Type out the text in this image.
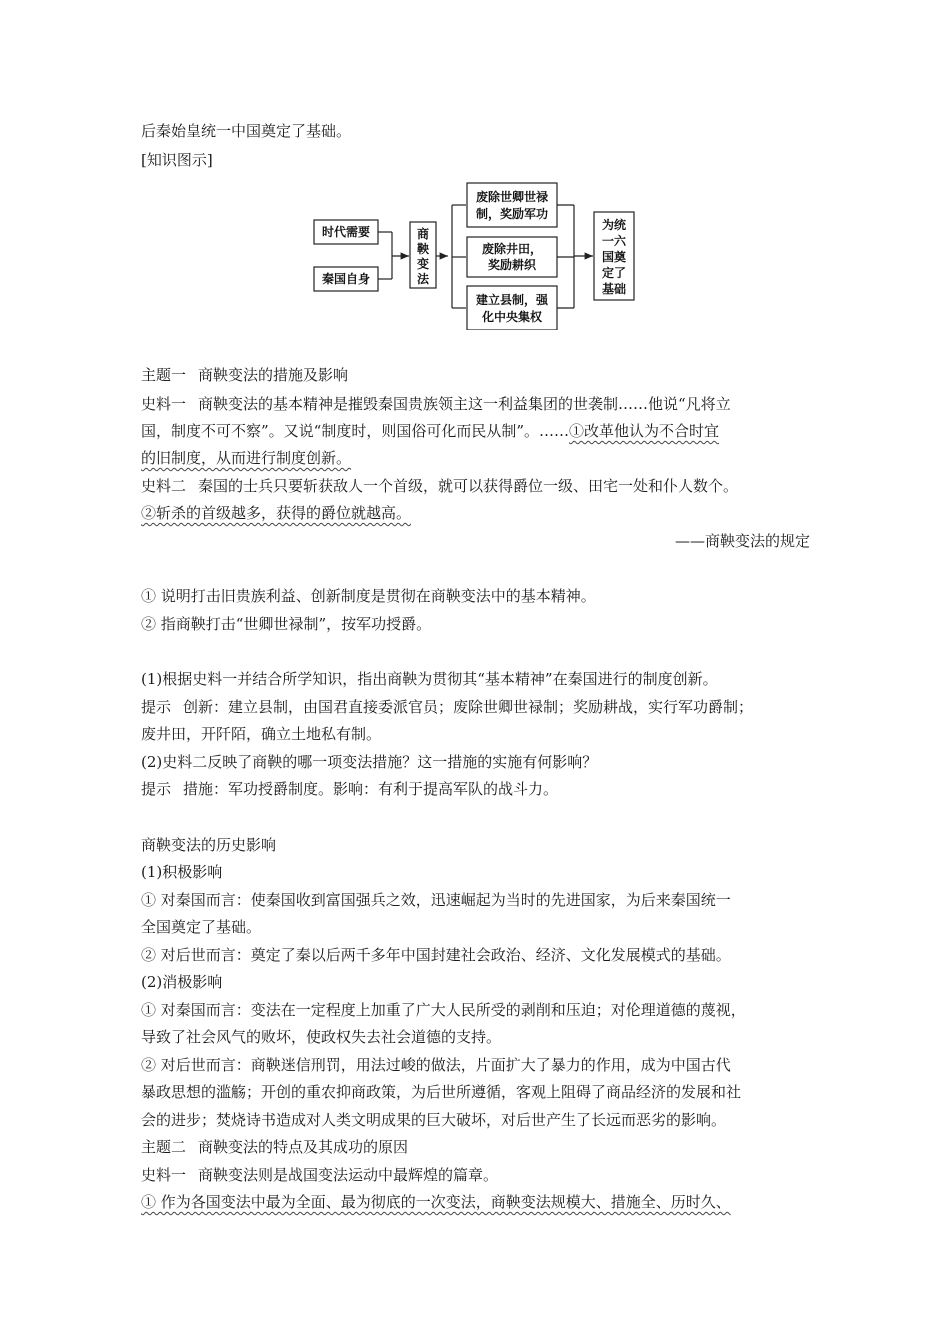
后秦始皇统一中国奠定了基础。
[知识图示]
时代需要
秦国自身
商
鞅
变
法
废除世卿世禄
制，奖励军功
废除井田，
奖励耕织
建立县制，强
化中央集权
为统
一六
国奠
定了
基础
主题一 商鞅变法的措施及影响
史料一 商鞅变法的基本精神是摧毁秦国贵族领主这一利益集团的世袭制……他说“凡将立
国，制度不可不察”。又说“制度时，则国俗可化而民从制”。……①改革他认为不合时宜
的旧制度，从而进行制度创新。
史料二 秦国的士兵只要斩获敌人一个首级，就可以获得爵位一级、田宅一处和仆人数个。
②斩杀的首级越多，获得的爵位就越高。
——商鞅变法的规定
① 说明打击旧贵族利益、创新制度是贯彻在商鞅变法中的基本精神。
② 指商鞅打击“世卿世禄制”，按军功授爵。
(1)根据史料一并结合所学知识，指出商鞅为贯彻其“基本精神”在秦国进行的制度创新。
提示 创新：建立县制，由国君直接委派官员；废除世卿世禄制；奖励耕战，实行军功爵制；
废井田，开阡陌，确立土地私有制。
(2)史料二反映了商鞅的哪一项变法措施？这一措施的实施有何影响？
提示 措施：军功授爵制度。影响：有利于提高军队的战斗力。
商鞅变法的历史影响
(1)积极影响
① 对秦国而言：使秦国收到富国强兵之效，迅速崛起为当时的先进国家，为后来秦国统一
全国奠定了基础。
② 对后世而言：奠定了秦以后两千多年中国封建社会政治、经济、文化发展模式的基础。
(2)消极影响
① 对秦国而言：变法在一定程度上加重了广大人民所受的剥削和压迫；对伦理道德的蔑视，
导致了社会风气的败坏，使政权失去社会道德的支持。
② 对后世而言：商鞅迷信刑罚，用法过峻的做法，片面扩大了暴力的作用，成为中国古代
暴政思想的滥觞；开创的重农抑商政策，为后世所遵循，客观上阻碍了商品经济的发展和社
会的进步；焚烧诗书造成对人类文明成果的巨大破坏，对后世产生了长远而恶劣的影响。
主题二 商鞅变法的特点及其成功的原因
史料一 商鞅变法则是战国变法运动中最辉煌的篇章。
① 作为各国变法中最为全面、最为彻底的一次变法，商鞅变法规模大、措施全、历时久、
